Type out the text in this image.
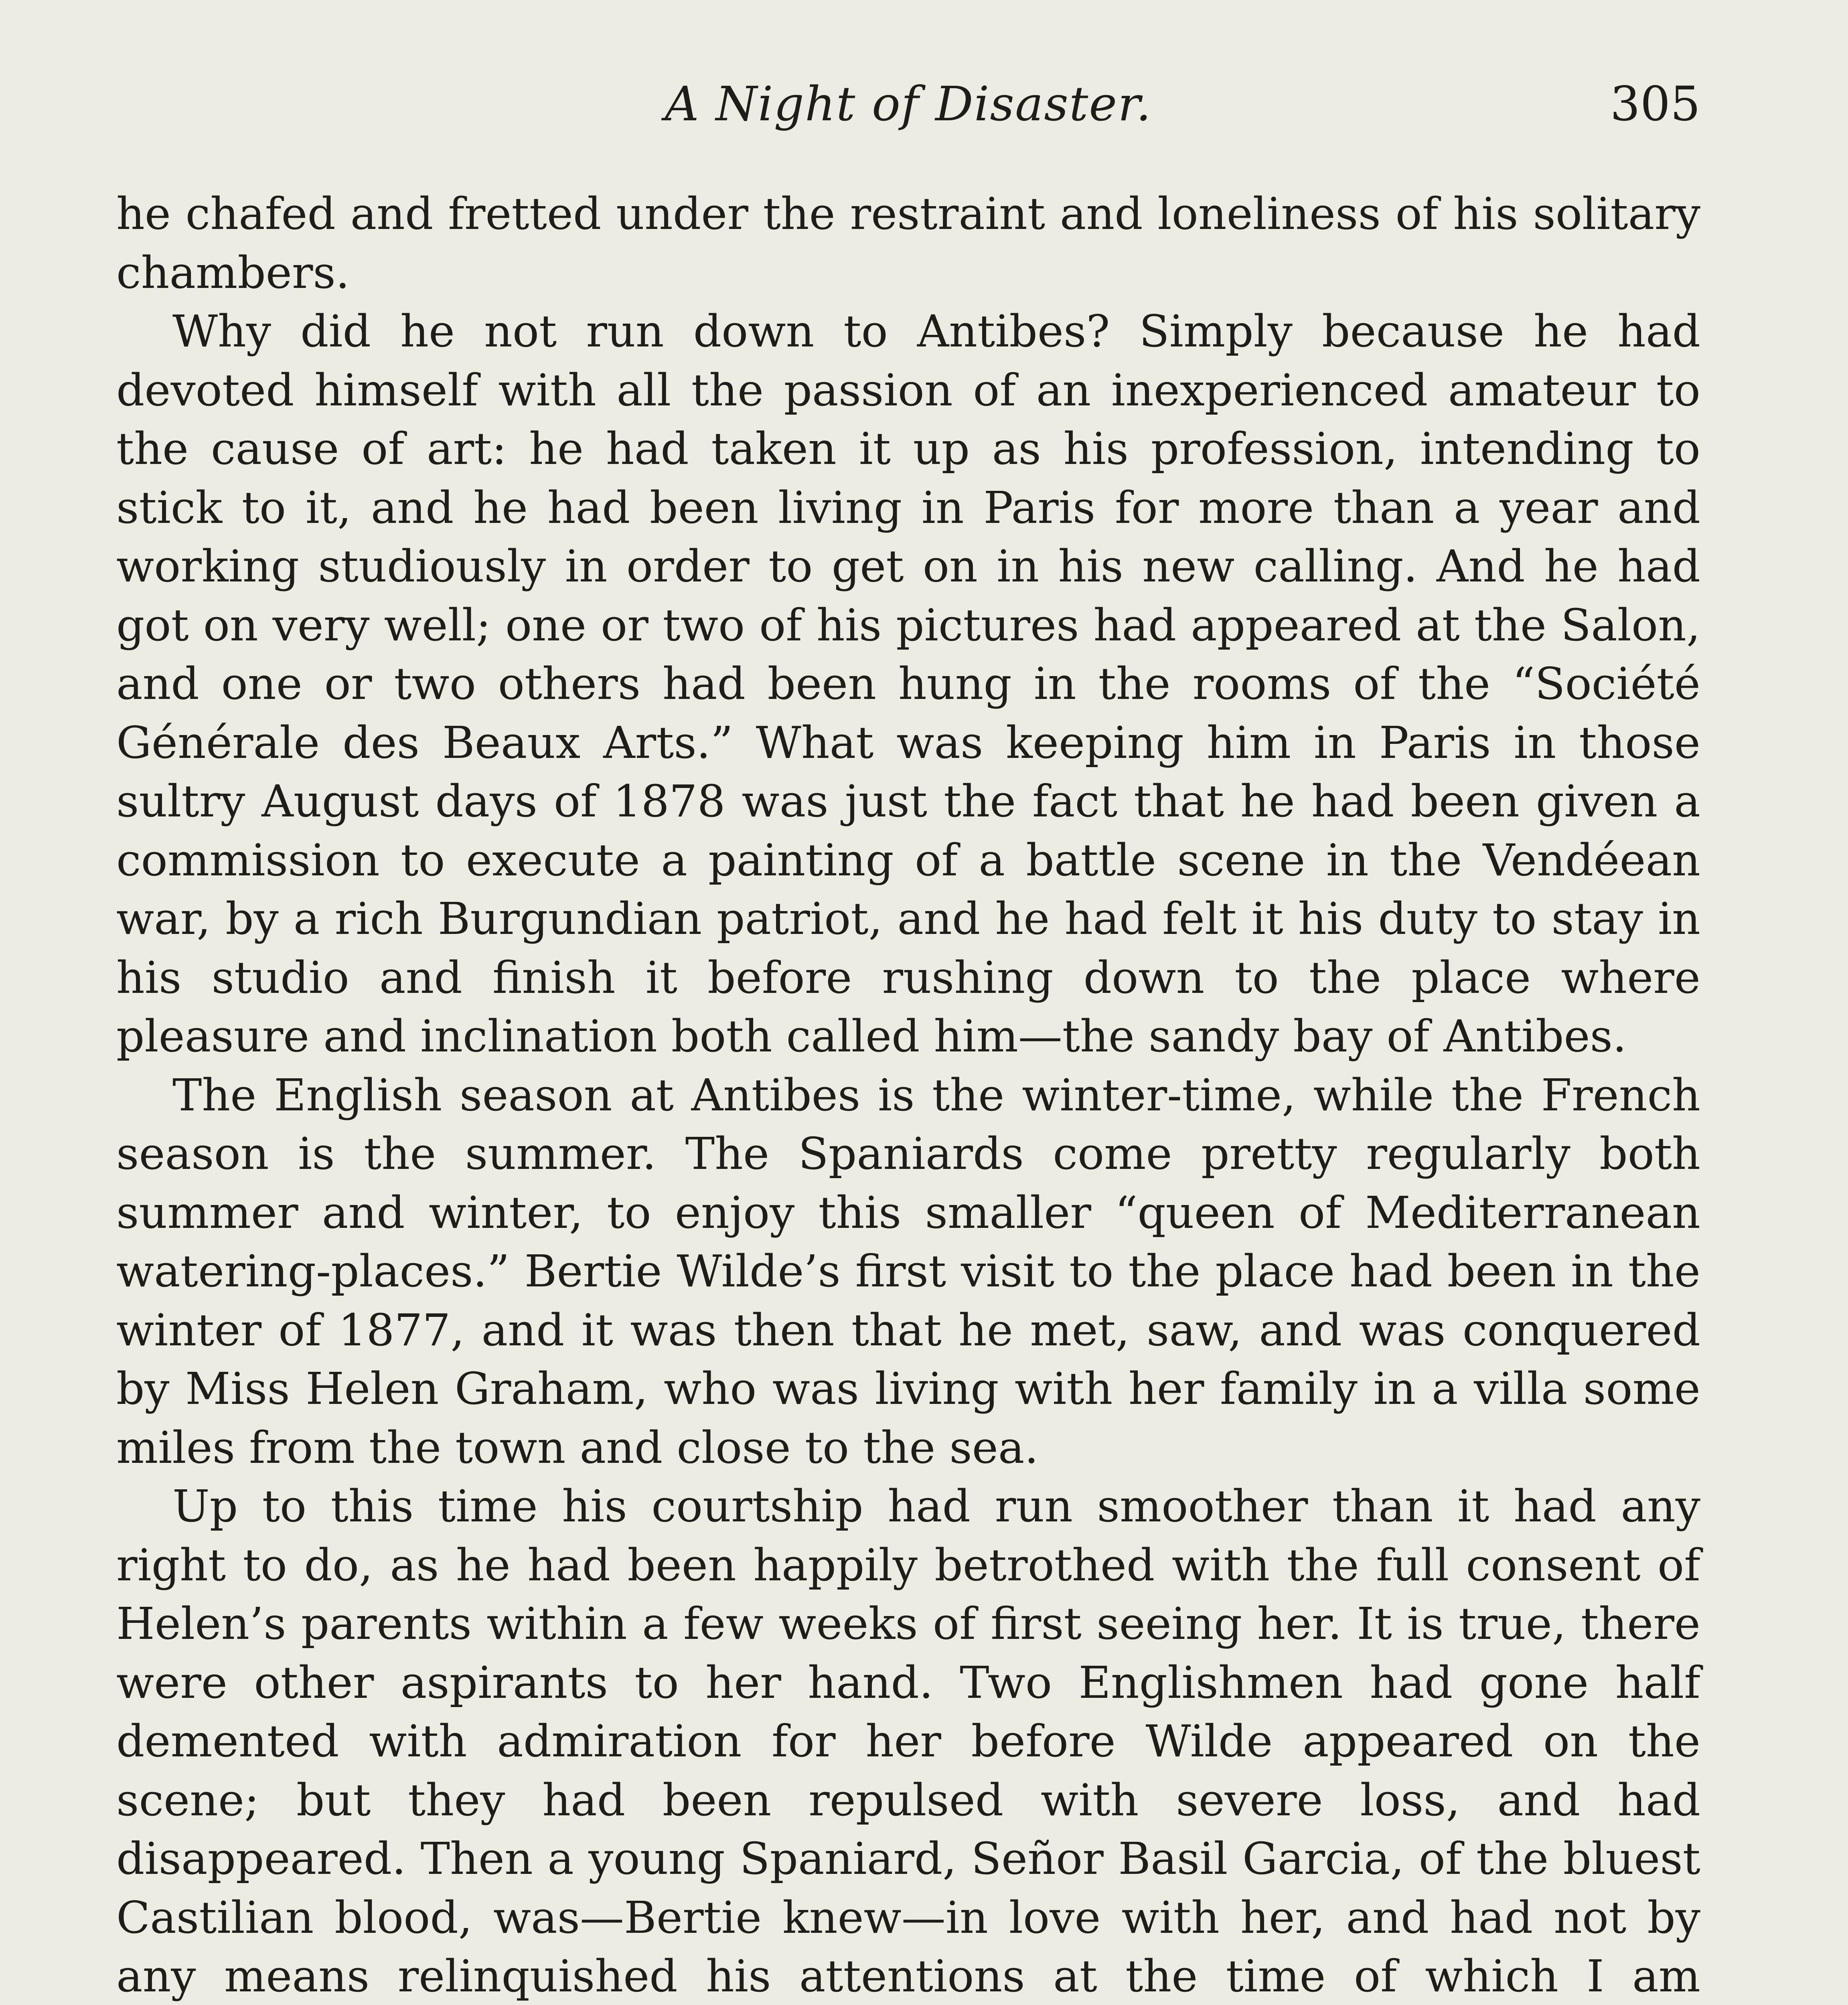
A Night of Disaster.	305

he chafed and fretted under the restraint and loneliness of his solitary chambers.

Why did he not run down to Antibes? Simply because he had devoted himself with all the passion of an inexperienced amateur to the cause of art: he had taken it up as his profession, intending to stick to it, and he had been living in Paris for more than a year and working studiously in order to get on in his new calling. And he had got on very well; one or two of his pictures had appeared at the Salon, and one or two others had been hung in the rooms of the “Société Générale des Beaux Arts.” What was keeping him in Paris in those sultry August days of 1878 was just the fact that he had been given a commission to execute a painting of a battle scene in the Vendéean war, by a rich Burgundian patriot, and he had felt it his duty to stay in his studio and finish it before rushing down to the place where pleasure and inclination both called him—the sandy bay of Antibes.

The English season at Antibes is the winter-time, while the French season is the summer. The Spaniards come pretty regularly both summer and winter, to enjoy this smaller “queen of Mediterranean watering-places.” Bertie Wilde’s first visit to the place had been in the winter of 1877, and it was then that he met, saw, and was conquered by Miss Helen Graham, who was living with her family in a villa some miles from the town and close to the sea.

Up to this time his courtship had run smoother than it had any right to do, as he had been happily betrothed with the full consent of Helen’s parents within a few weeks of first seeing her. It is true, there were other aspirants to her hand. Two Englishmen had gone half demented with admiration for her before Wilde appeared on the scene; but they had been repulsed with severe loss, and had disappeared. Then a young Spaniard, Señor Basil Garcia, of the bluest Castilian blood, was—Bertie knew—in love with her, and had not by any means relinquished his attentions at the time of which I am
